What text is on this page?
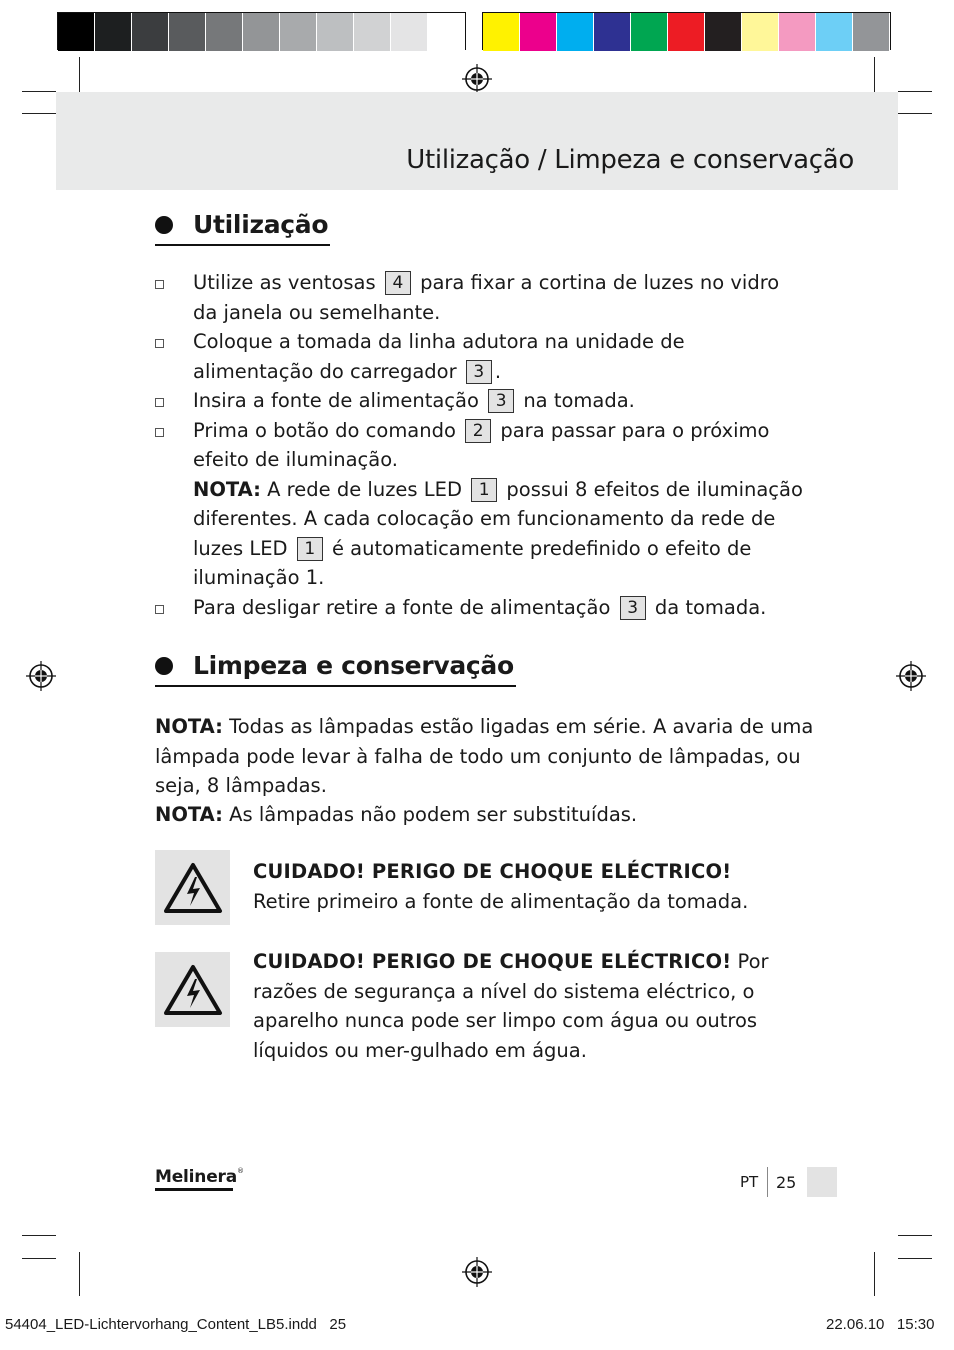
Utilização / Limpeza e conservação
Utilização
Utilize as ventosas 4 para fixar a cortina de luzes no vidro da janela ou semelhante.
Coloque a tomada da linha adutora na unidade de alimentação do carregador 3 .
Insira a fonte de alimentação 3 na tomada.
Prima o botão do comando 2 para passar para o próximo efeito de iluminação.
NOTA: A rede de luzes LED 1 possui 8 efeitos de iluminação diferentes. A cada colocação em funcionamento da rede de luzes LED 1 é automaticamente predefinido o efeito de iluminação 1.
Para desligar retire a fonte de alimentação 3 da tomada.
Limpeza e conservação
NOTA: Todas as lâmpadas estão ligadas em série. A avaria de uma lâmpada pode levar à falha de todo um conjunto de lâmpadas, ou seja, 8 lâmpadas.
NOTA: As lâmpadas não podem ser substituídas.
CUIDADO! PERIGO DE CHOQUE ELÉCTRICO!
Retire primeiro a fonte de alimentação da tomada.
CUIDADO! PERIGO DE CHOQUE ELÉCTRICO! Por razões de segurança a nível do sistema eléctrico, o aparelho nunca pode ser limpo com água ou outros líquidos ou mer-gulhado em água.
Melinera®
PT 25
54404_LED-Lichtervorhang_Content_LB5.indd   25	22.06.10   15:30
